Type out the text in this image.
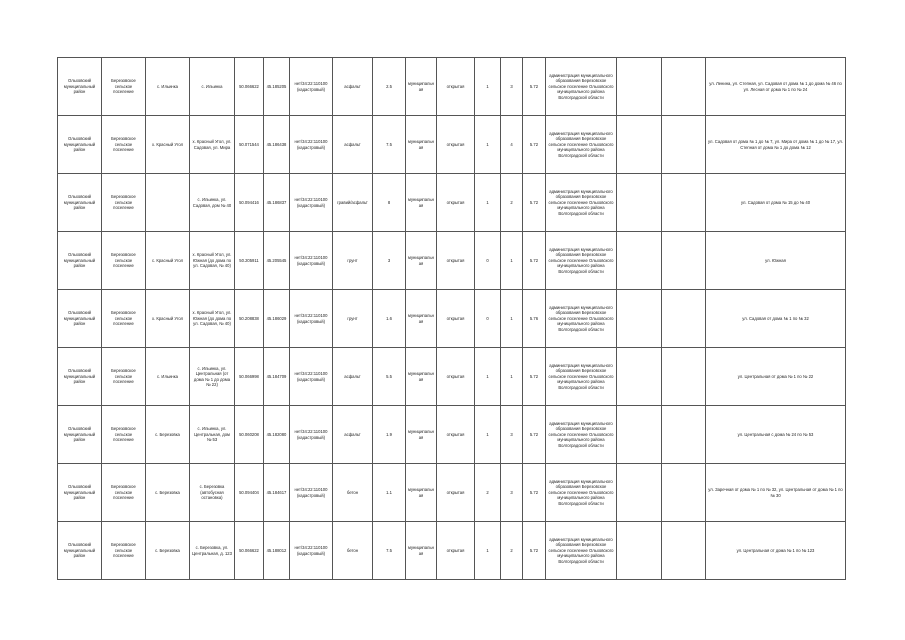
Ольховский муниципальный район	Березовское сельское поселение	с. Ильинка	с. Ильинка	50.066622	45.185205	нет/34:22:110100 (кадастровый)	асфальт	2.5	муниципальная	открытая	1	3	5.72	администрация муниципального образования Березовское сельское поселение Ольховского муниципального района Волгоградской области			ул. Ленина, ул. Степная, ул. Садовая от дома № 1 до дома № 46 по ул. Лесная от дома № 1 по № 24
Ольховский муниципальный район	Березовское сельское поселение	х. Красный Угол	х. Красный Угол, ул. Садовая, ул. Мира	50.071544	45.186438	нет/34:22:110100 (кадастровый)	асфальт	7.5	муниципальная	открытая	1	4	5.72	администрация муниципального образования Березовское сельское поселение Ольховского муниципального района Волгоградской области			ул. Садовая от дома № 1 до № 7, ул. Мира от дома № 1 до № 17, ул. Степная от дома № 1 до дома № 12
Ольховский муниципальный район	Березовское сельское поселение		с. Ильинка, ул. Садовая, дом № 40	50.094416	45.186837	нет/34:22:110100 (кадастровый)	гравий/асфальт	8	муниципальная	открытая	1	2	5.72	администрация муниципального образования Березовское сельское поселение Ольховского муниципального района Волгоградской области			ул. Садовая от дома № 15 до № 40
Ольховский муниципальный район	Березовское сельское поселение	с. Красный Угол	х. Красный Угол, ул. Южная (до дома по ул. Садовая, № 40)	50.205911	45.205545	нет/34:22:110100 (кадастровый)	грунт	3	муниципальная	открытая	0	1	5.72	администрация муниципального образования Березовское сельское поселение Ольховского муниципального района Волгоградской области			ул. Южная
Ольховский муниципальный район	Березовское сельское поселение	х. Красный Угол	х. Красный Угол, ул. Южная (до дома по ул. Садовая, № 40)	50.208838	45.186029	нет/34:22:110100 (кадастровый)	грунт	1.6	муниципальная	открытая	0	1	5.76	администрация муниципального образования Березовское сельское поселение Ольховского муниципального района Волгоградской области			ул. Садовая от дома № 1 по № 32
Ольховский муниципальный район	Березовское сельское поселение	с. Ильинка	с. Ильинка, ул. Центральная (от дома № 1 до дома № 22)	50.066998	45.184709	нет/34:22:110100 (кадастровый)	асфальт	5.5	муниципальная	открытая	1	1	5.72	администрация муниципального образования Березовское сельское поселение Ольховского муниципального района Волгоградской области			ул. Центральная от дома № 1 по № 22
Ольховский муниципальный район	Березовское сельское поселение	с. Березовка	с. Ильинка, ул. Центральная, дом № 53	50.060208	45.182080	нет/34:22:110100 (кадастровый)	асфальт	1.9	муниципальная	открытая	1	3	5.72	администрация муниципального образования Березовское сельское поселение Ольховского муниципального района Волгоградской области			ул. Центральная с дома № 24 по № 53
Ольховский муниципальный район	Березовское сельское поселение	с. Березовка	с. Березовка (автобусная остановка)	50.094404	45.184617	нет/34:22:110100 (кадастровый)	бетон	1.1	муниципальная	открытая	2	3	5.72	администрация муниципального образования Березовское сельское поселение Ольховского муниципального района Волгоградской области			ул. Заречная от дома № 1 по № 32, ул. Центральная от дома № 1 по № 30
Ольховский муниципальный район	Березовское сельское поселение	с. Березовка	с. Березовка, ул. Центральная, д. 123	50.066622	45.188012	нет/34:22:110100 (кадастровый)	бетон	7.5	муниципальная	открытая	1	2	5.72	администрация муниципального образования Березовское сельское поселение Ольховского муниципального района Волгоградской области			ул. Центральная от дома № 1 по № 123
